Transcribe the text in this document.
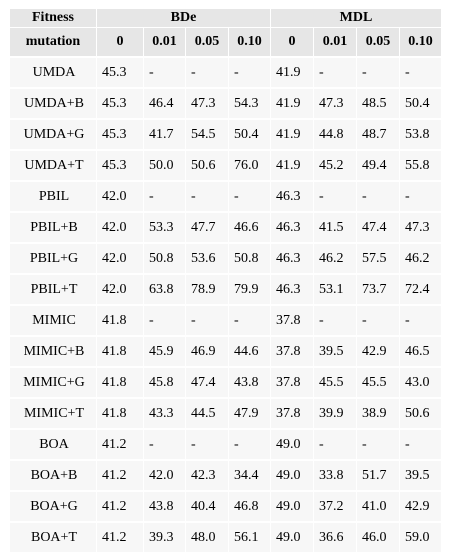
Fitness	BDe				MDL			
mutation	0	0.01	0.05	0.10	0	0.01	0.05	0.10
UMDA	45.3	-	-	-	41.9	-	-	-
UMDA+B	45.3	46.4	47.3	54.3	41.9	47.3	48.5	50.4
UMDA+G	45.3	41.7	54.5	50.4	41.9	44.8	48.7	53.8
UMDA+T	45.3	50.0	50.6	76.0	41.9	45.2	49.4	55.8
PBIL	42.0	-	-	-	46.3	-	-	-
PBIL+B	42.0	53.3	47.7	46.6	46.3	41.5	47.4	47.3
PBIL+G	42.0	50.8	53.6	50.8	46.3	46.2	57.5	46.2
PBIL+T	42.0	63.8	78.9	79.9	46.3	53.1	73.7	72.4
MIMIC	41.8	-	-	-	37.8	-	-	-
MIMIC+B	41.8	45.9	46.9	44.6	37.8	39.5	42.9	46.5
MIMIC+G	41.8	45.8	47.4	43.8	37.8	45.5	45.5	43.0
MIMIC+T	41.8	43.3	44.5	47.9	37.8	39.9	38.9	50.6
BOA	41.2	-	-	-	49.0	-	-	-
BOA+B	41.2	42.0	42.3	34.4	49.0	33.8	51.7	39.5
BOA+G	41.2	43.8	40.4	46.8	49.0	37.2	41.0	42.9
BOA+T	41.2	39.3	48.0	56.1	49.0	36.6	46.0	59.0
